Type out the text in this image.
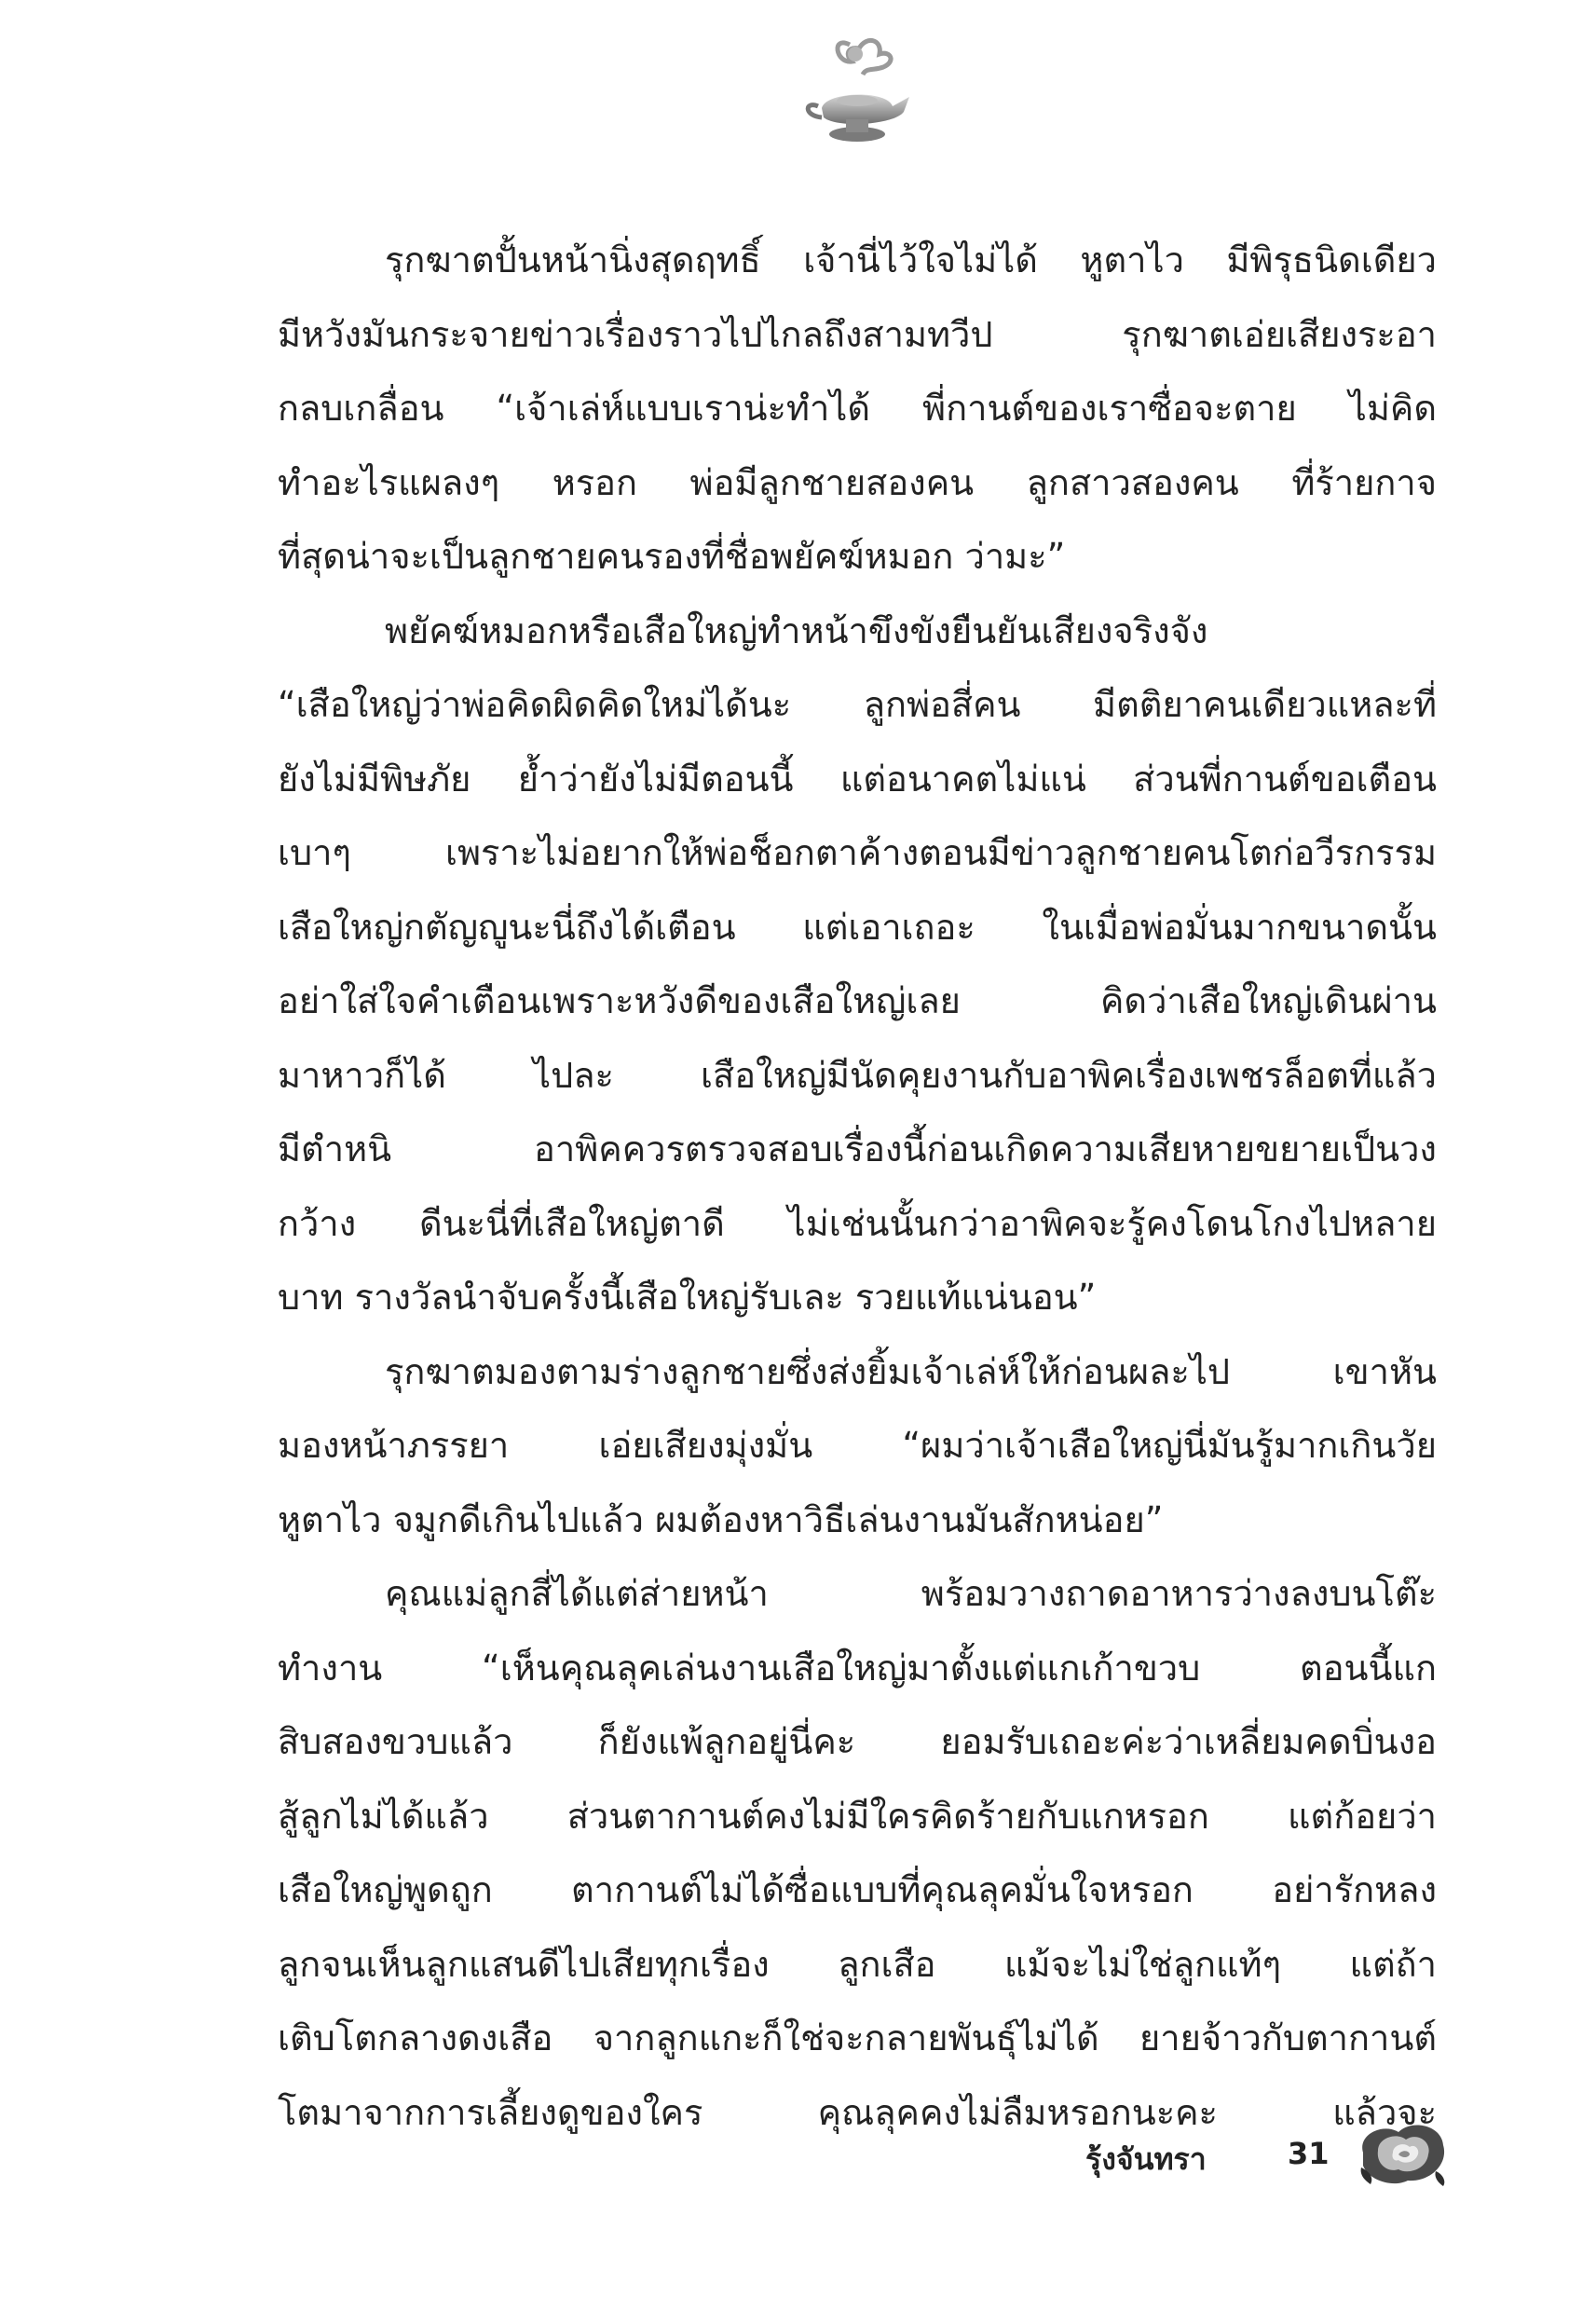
รุกฆาตปั้นหน้านิ่งสุดฤทธิ์ เจ้านี่ไว้ใจไม่ได้ หูตาไว มีพิรุธนิดเดียว
มีหวังมันกระจายข่าวเรื่องราวไปไกลถึงสามทวีป รุกฆาตเอ่ยเสียงระอา
กลบเกลื่อน “เจ้าเล่ห์แบบเราน่ะทำได้ พี่กานต์ของเราซื่อจะตาย ไม่คิด
ทำอะไรแผลงๆ หรอก พ่อมีลูกชายสองคน ลูกสาวสองคน ที่ร้ายกาจ
ที่สุดน่าจะเป็นลูกชายคนรองที่ชื่อพยัคฆ์หมอก ว่ามะ”
พยัคฆ์หมอกหรือเสือใหญ่ทำหน้าขึงขังยืนยันเสียงจริงจัง
“เสือใหญ่ว่าพ่อคิดผิดคิดใหม่ได้นะ ลูกพ่อสี่คน มีตติยาคนเดียวแหละที่
ยังไม่มีพิษภัย ย้ำว่ายังไม่มีตอนนี้ แต่อนาคตไม่แน่ ส่วนพี่กานต์ขอเตือน
เบาๆ เพราะไม่อยากให้พ่อช็อกตาค้างตอนมีข่าวลูกชายคนโตก่อวีรกรรม
เสือใหญ่กตัญญูนะนี่ถึงได้เตือน แต่เอาเถอะ ในเมื่อพ่อมั่นมากขนาดนั้น
อย่าใส่ใจคำเตือนเพราะหวังดีของเสือใหญ่เลย คิดว่าเสือใหญ่เดินผ่าน
มาหาวก็ได้ ไปละ เสือใหญ่มีนัดคุยงานกับอาพิคเรื่องเพชรล็อตที่แล้ว
มีตำหนิ อาพิคควรตรวจสอบเรื่องนี้ก่อนเกิดความเสียหายขยายเป็นวง
กว้าง ดีนะนี่ที่เสือใหญ่ตาดี ไม่เช่นนั้นกว่าอาพิคจะรู้คงโดนโกงไปหลาย
บาท รางวัลนำจับครั้งนี้เสือใหญ่รับเละ รวยแท้แน่นอน”
รุกฆาตมองตามร่างลูกชายซึ่งส่งยิ้มเจ้าเล่ห์ให้ก่อนผละไป เขาหัน
มองหน้าภรรยา เอ่ยเสียงมุ่งมั่น “ผมว่าเจ้าเสือใหญ่นี่มันรู้มากเกินวัย
หูตาไว จมูกดีเกินไปแล้ว ผมต้องหาวิธีเล่นงานมันสักหน่อย”
คุณแม่ลูกสี่ได้แต่ส่ายหน้า พร้อมวางถาดอาหารว่างลงบนโต๊ะ
ทำงาน “เห็นคุณลุคเล่นงานเสือใหญ่มาตั้งแต่แกเก้าขวบ ตอนนี้แก
สิบสองขวบแล้ว ก็ยังแพ้ลูกอยู่นี่คะ ยอมรับเถอะค่ะว่าเหลี่ยมคดบิ่นงอ
สู้ลูกไม่ได้แล้ว ส่วนตากานต์คงไม่มีใครคิดร้ายกับแกหรอก แต่ก้อยว่า
เสือใหญ่พูดถูก ตากานต์ไม่ได้ซื่อแบบที่คุณลุคมั่นใจหรอก อย่ารักหลง
ลูกจนเห็นลูกแสนดีไปเสียทุกเรื่อง ลูกเสือ แม้จะไม่ใช่ลูกแท้ๆ แต่ถ้า
เติบโตกลางดงเสือ จากลูกแกะก็ใช่จะกลายพันธุ์ไม่ได้ ยายจ้าวกับตากานต์
โตมาจากการเลี้ยงดูของใคร คุณลุคคงไม่ลืมหรอกนะคะ แล้วจะ
รุ้งจันทรา	31
